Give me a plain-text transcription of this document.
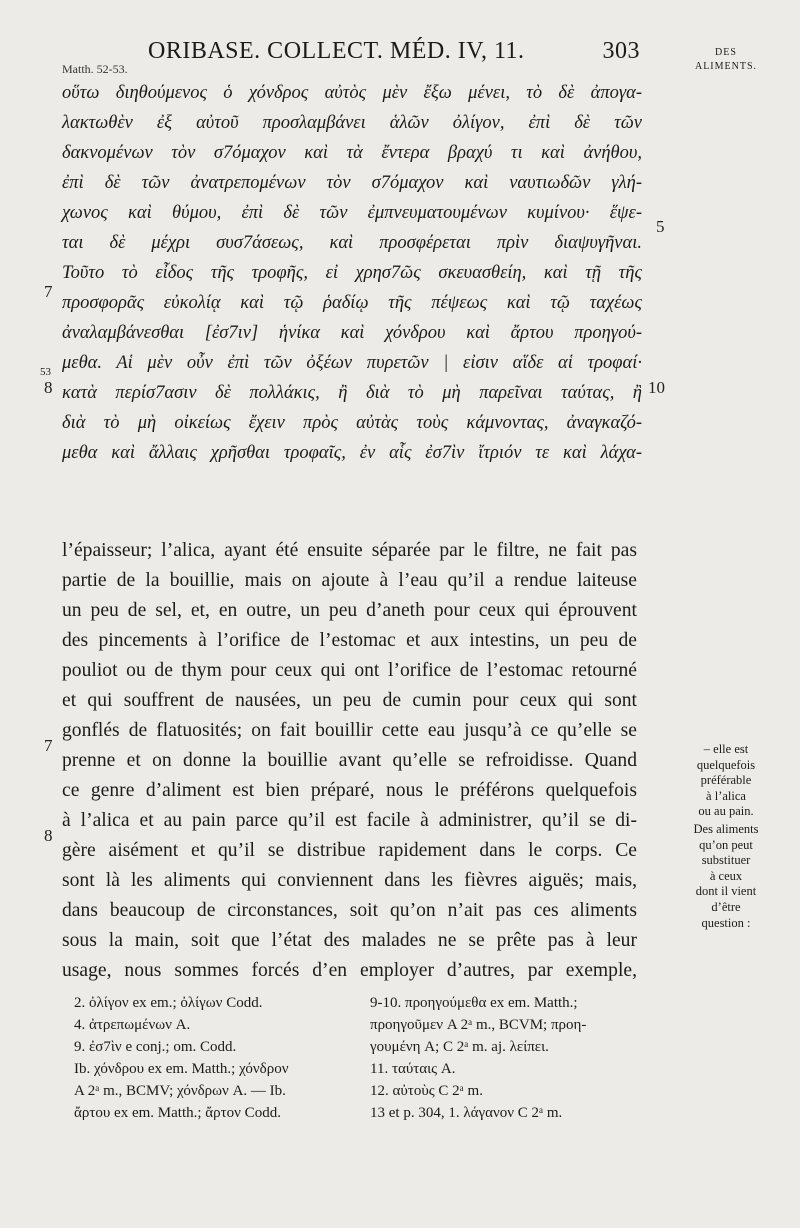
ORIBASE. COLLECT. MÉD. IV, 11.	303	DES
ALIMENTS.
Matth. 52-53.
οὕτω διηθούμενος ὁ χόνδρος αὐτὸς μὲν ἔξω μένει, τὸ δὲ ἀπογα-
λακτωθὲν ἐξ αὐτοῦ προσλαμβάνει ἁλῶν ὀλίγον, ἐπὶ δὲ τῶν
δακνομένων τὸν σ7όμαχον καὶ τὰ ἔντερα βραχύ τι καὶ ἀνήθου,
ἐπὶ δὲ τῶν ἀνατρεπομένων τὸν σ7όμαχον καὶ ναυτιωδῶν γλή-
χωνος καὶ θύμου, ἐπὶ δὲ τῶν ἐμπνευματουμένων κυμίνου· ἕψε-
ται δὲ μέχρι συσ7άσεως, καὶ προσφέρεται πρὶν διαψυγῆναι.
Τοῦτο τὸ εἶδος τῆς τροφῆς, εἰ χρησ7ῶς σκευασθείη, καὶ τῇ τῆς
προσφορᾶς εὐκολίᾳ καὶ τῷ ῥαδίῳ τῆς πέψεως καὶ τῷ ταχέως
ἀναλαμβάνεσθαι [ἐσ7ιν] ἡνίκα καὶ χόνδρου καὶ ἄρτου προηγού-
μεθα. Αἱ μὲν οὖν ἐπὶ τῶν ὀξέων πυρετῶν | εἰσιν αἵδε αἱ τροφαί·
κατὰ περίσ7ασιν δὲ πολλάκις, ἢ διὰ τὸ μὴ παρεῖναι ταύτας, ἢ
διὰ τὸ μὴ οἰκείως ἔχειν πρὸς αὐτὰς τοὺς κάμνοντας, ἀναγκαζό-
μεθα καὶ ἄλλαις χρῆσθαι τροφαῖς, ἐν αἷς ἐσ7ὶν ἴτριόν τε καὶ λάχα-
5
7
53
8	10
l’épaisseur; l’alica, ayant été ensuite séparée par le filtre, ne fait pas
partie de la bouillie, mais on ajoute à l’eau qu’il a rendue laiteuse
un peu de sel, et, en outre, un peu d’aneth pour ceux qui éprouvent
des pincements à l’orifice de l’estomac et aux intestins, un peu de
pouliot ou de thym pour ceux qui ont l’orifice de l’estomac retourné
et qui souffrent de nausées, un peu de cumin pour ceux qui sont
gonflés de flatuosités; on fait bouillir cette eau jusqu’à ce qu’elle se
prenne et on donne la bouillie avant qu’elle se refroidisse. Quand
ce genre d’aliment est bien préparé, nous le préférons quelquefois
à l’alica et au pain parce qu’il est facile à administrer, qu’il se di-
gère aisément et qu’il se distribue rapidement dans le corps. Ce
sont là les aliments qui conviennent dans les fièvres aiguës; mais,
dans beaucoup de circonstances, soit qu’on n’ait pas ces aliments
sous la main, soit que l’état des malades ne se prête pas à leur
usage, nous sommes forcés d’en employer d’autres, par exemple,
7
8
– elle est
quelquefois
préférable
à l’alica
ou au pain.
Des aliments
qu’on peut
substituer
à ceux
dont il vient
d’être
question :
2. ὀλίγον ex em.; ὀλίγων Codd.
4. ἀτρεπωμένων A.
9. ἐσ7ὶν e conj.; om. Codd.
Ib. χόνδρου ex em. Matth.; χόνδρον
A 2ᵃ m., BCMV; χόνδρων A. — Ib.
ἄρτου ex em. Matth.; ἄρτον Codd.
9-10. προηγούμεθα ex em. Matth.;
προηγοῦμεν A 2ᵃ m., BCVM; προη-
γουμένη A; C 2ᵃ m. aj. λείπει.
11. ταύταις A.
12. αὐτοὺς C 2ᵃ m.
13 et p. 304, 1. λάγανον C 2ᵃ m.
